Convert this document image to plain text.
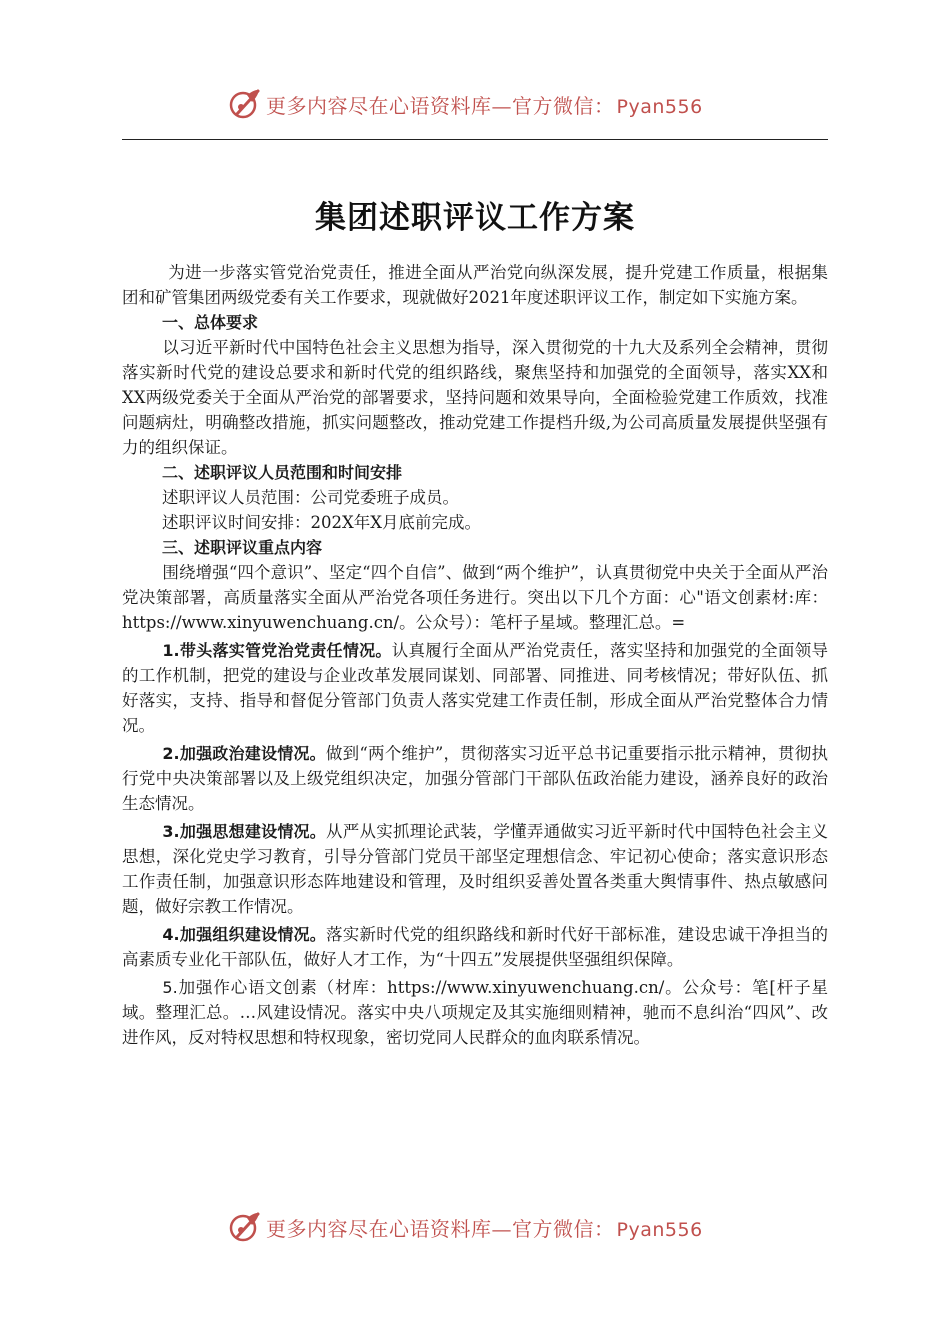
更多内容尽在心语资料库—官方微信： Pyan556
集团述职评议工作方案

为进一步落实管党治党责任，推进全面从严治党向纵深发展，提升党建工作质量，根据集团和矿管集团两级党委有关工作要求，现就做好2021年度述职评议工作，制定如下实施方案。

一、总体要求

以习近平新时代中国特色社会主义思想为指导，深入贯彻党的十九大及系列全会精神，贯彻落实新时代党的建设总要求和新时代党的组织路线，聚焦坚持和加强党的全面领导，落实XX和XX两级党委关于全面从严治党的部署要求，坚持问题和效果导向，全面检验党建工作质效，找准问题病灶，明确整改措施，抓实问题整改，推动党建工作提档升级,为公司高质量发展提供坚强有力的组织保证。

二、述职评议人员范围和时间安排

述职评议人员范围：公司党委班子成员。

述职评议时间安排：202X年X月底前完成。

三、述职评议重点内容

围绕增强“四个意识”、坚定“四个自信”、做到“两个维护”，认真贯彻党中央关于全面从严治党决策部署，高质量落实全面从严治党各项任务进行。突出以下几个方面：心"语文创素材:库：https://www.xinyuwenchuang.cn/。公众号）：笔杆子星域。整理汇总。=

1.带头落实管党治党责任情况。认真履行全面从严治党责任，落实坚持和加强党的全面领导的工作机制，把党的建设与企业改革发展同谋划、同部署、同推进、同考核情况；带好队伍、抓好落实，支持、指导和督促分管部门负责人落实党建工作责任制，形成全面从严治党整体合力情况。

2.加强政治建设情况。做到“两个维护”，贯彻落实习近平总书记重要指示批示精神，贯彻执行党中央决策部署以及上级党组织决定，加强分管部门干部队伍政治能力建设，涵养良好的政治生态情况。

3.加强思想建设情况。从严从实抓理论武装，学懂弄通做实习近平新时代中国特色社会主义思想，深化党史学习教育，引导分管部门党员干部坚定理想信念、牢记初心使命；落实意识形态工作责任制，加强意识形态阵地建设和管理，及时组织妥善处置各类重大舆情事件、热点敏感问题，做好宗教工作情况。

4.加强组织建设情况。落实新时代党的组织路线和新时代好干部标准，建设忠诚干净担当的高素质专业化干部队伍，做好人才工作，为“十四五”发展提供坚强组织保障。

5.加强作心语文创素（材库：https://www.xinyuwenchuang.cn/。公众号：笔[杆子星域。整理汇总。…风建设情况。落实中央八项规定及其实施细则精神，驰而不息纠治“四风”、改进作风，反对特权思想和特权现象，密切党同人民群众的血肉联系情况。

更多内容尽在心语资料库—官方微信： Pyan556
